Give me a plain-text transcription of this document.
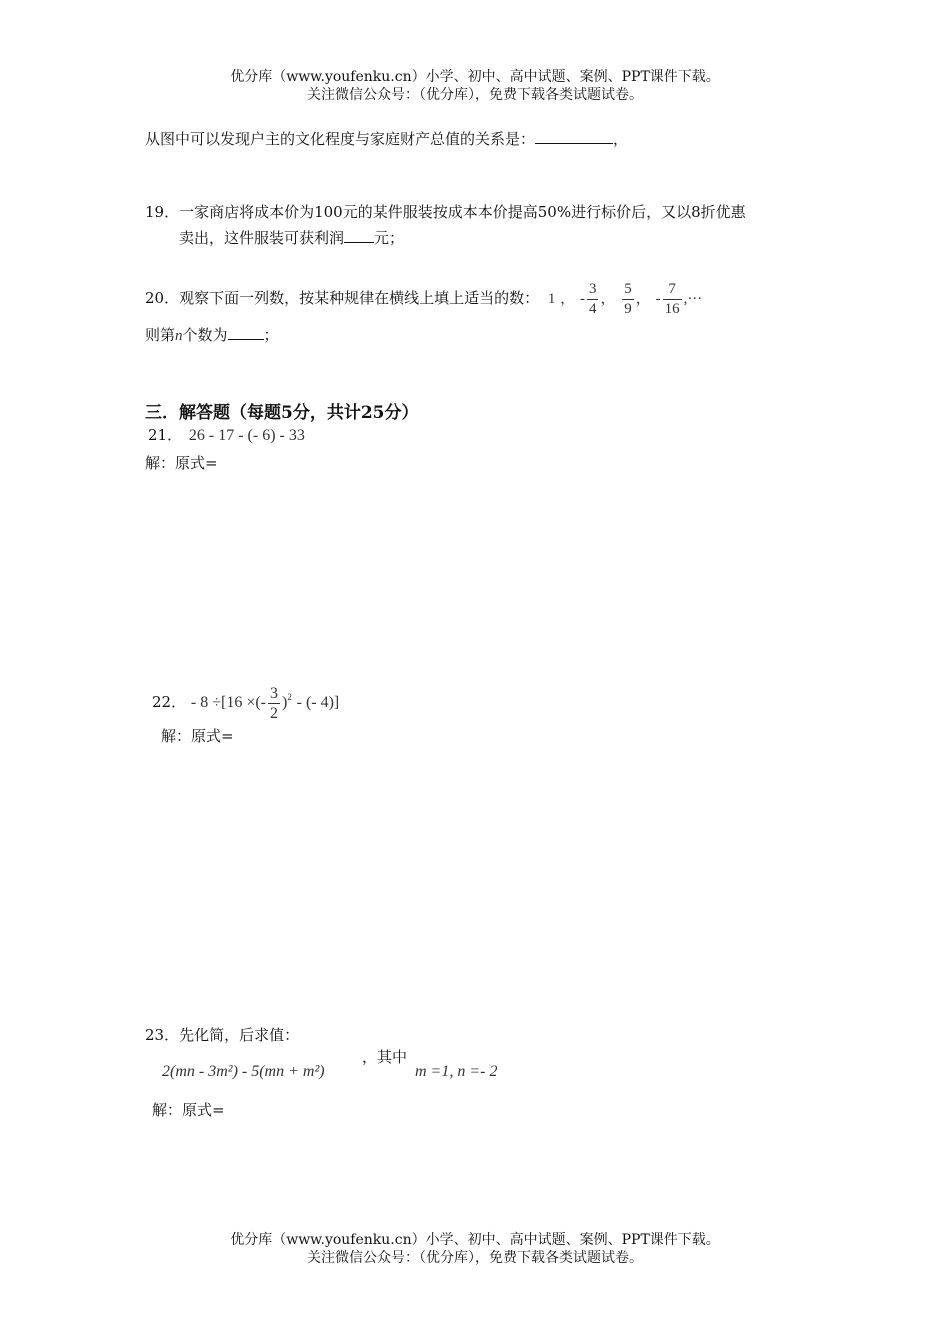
优分库（www.youfenku.cn）小学、初中、高中试题、案例、PPT课件下载。
关注微信公众号：（优分库），免费下载各类试题试卷。
从图中可以发现户主的文化程度与家庭财产总值的关系是：	，
19．一家商店将成本价为100元的某件服装按成本本价提高50%进行标价后，又以8折优惠
卖出，这件服装可获利润 元；
20．观察下面一列数，按某种规律在横线上填上适当的数： 1 ， - $\frac{3}{4}$ ， $\frac{5}{9}$ ， - $\frac{7}{16}$ ,···
则第n个数为 ；
三．解答题（每题5分，共计25分）
21． 26 - 17 - (- 6) - 33
解：原式=
22． - 8 ÷[16 ×(- $\frac{3}{2} )^2$ - (- 4)]
解：原式=
23．先化简，后求值：
2(mn - 3m²) - 5(mn + m²)
，其中
m =1, n =- 2
解：原式=
优分库（www.youfenku.cn）小学、初中、高中试题、案例、PPT课件下载。
关注微信公众号：（优分库），免费下载各类试题试卷。
